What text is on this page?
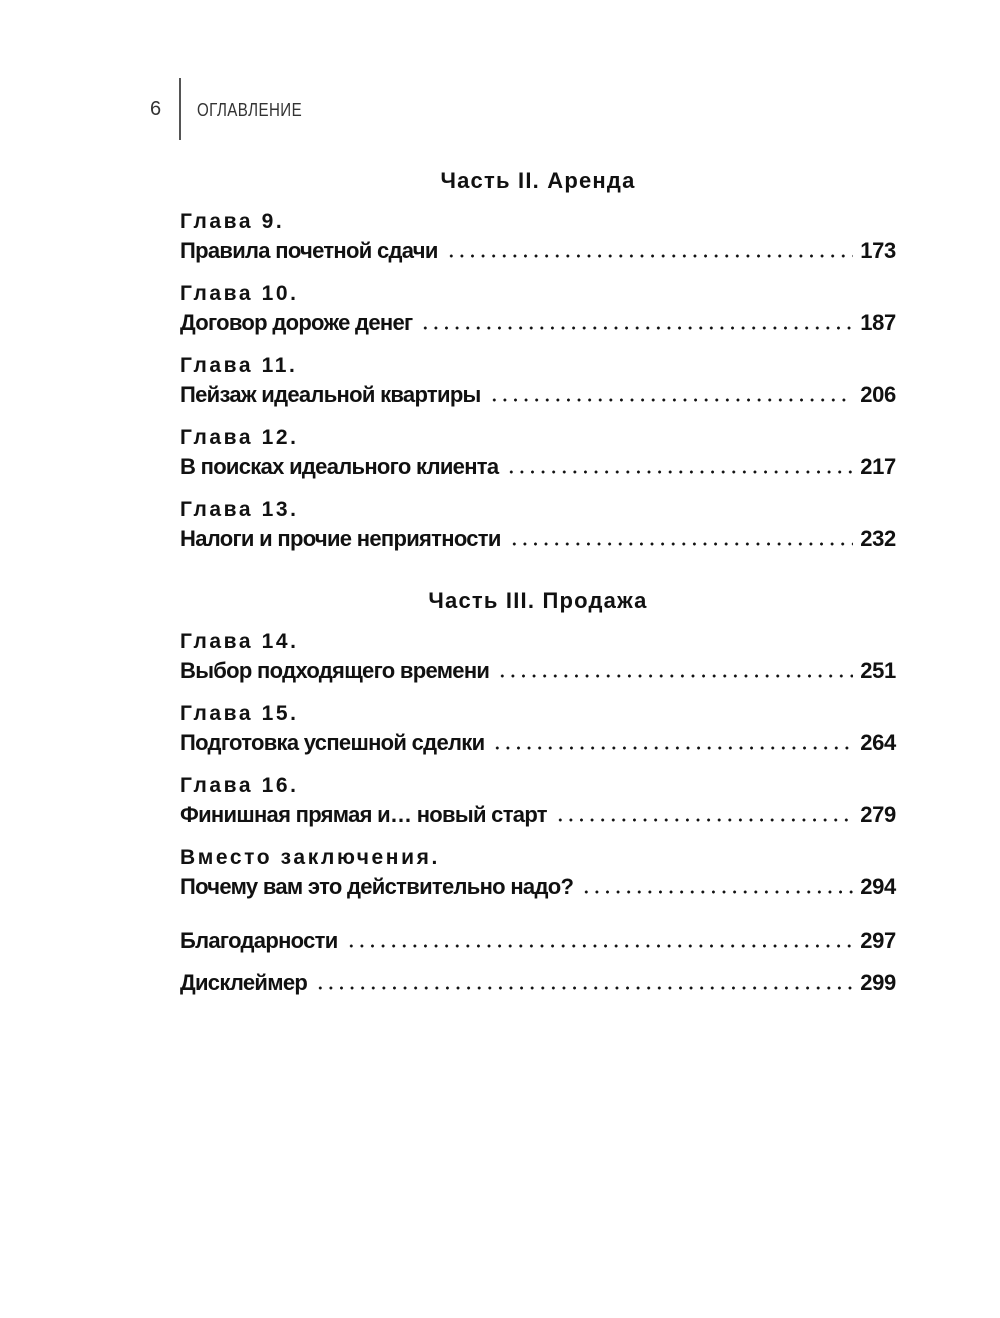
6 ОГЛАВЛЕНИЕ
Часть II. Аренда
Глава 9.
Правила почетной сдачи	173
Глава 10.
Договор дороже денег	187
Глава 11.
Пейзаж идеальной квартиры	206
Глава 12.
В поисках идеального клиента	217
Глава 13.
Налоги и прочие неприятности	232
Часть III. Продажа
Глава 14.
Выбор подходящего времени	251
Глава 15.
Подготовка успешной сделки	264
Глава 16.
Финишная прямая и… новый старт	279
Вместо заключения.
Почему вам это действительно надо?	294
Благодарности	297
Дисклеймер	299
